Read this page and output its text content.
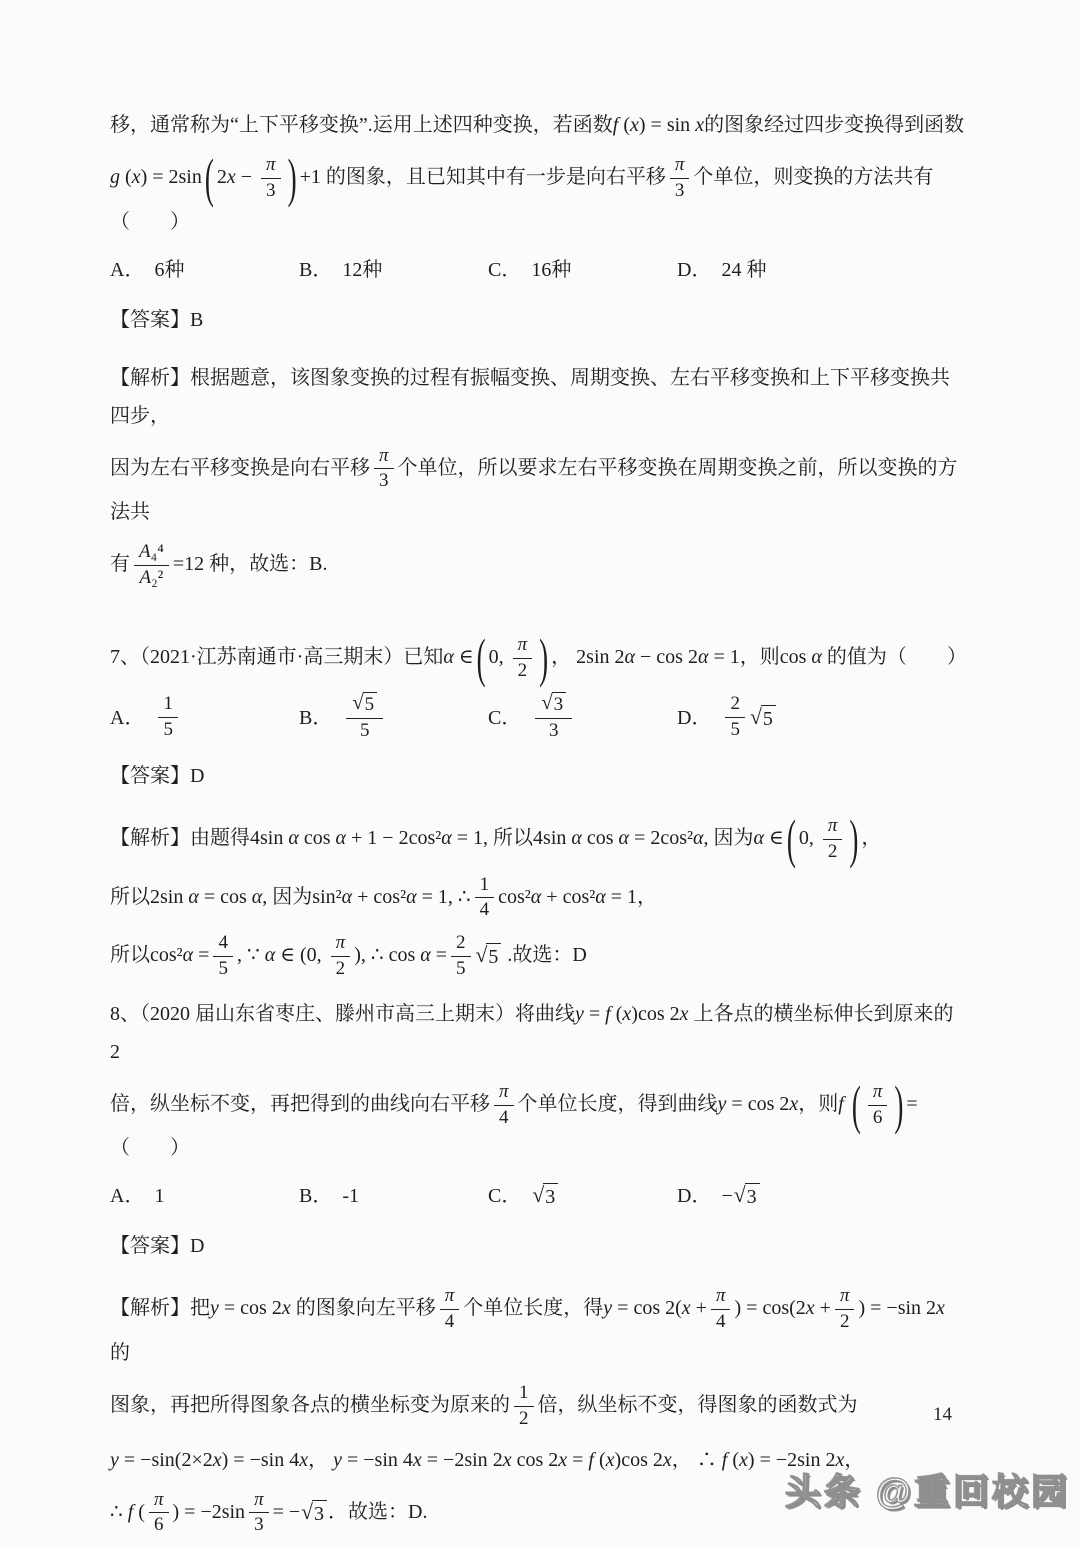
移，通常称为“上下平移变换”.运用上述四种变换，若函数f (x) = sin x的图象经过四步变换得到函数
g (x) = 2sin ( $2x - \frac{\pi}{3}$ ) +1 的图象，且已知其中有一步是向右平移 $\frac{\pi}{3}$ 个单位，则变换的方法共有（　　）
A． 6种	B． 12种	C． 16种	D． 24 种
【答案】B
【解析】根据题意，该图象变换的过程有振幅变换、周期变换、左右平移变换和上下平移变换共四步，
因为左右平移变换是向右平移 $\frac{\pi}{3}$ 个单位，所以要求左右平移变换在周期变换之前，所以变换的方法共
有 $\frac{\text{A₄⁴}}{\text{A₂²}} =12$ 种，故选：B.
7、（2021·江苏南通市·高三期末）已知α ∈ ( 0, $\frac{\pi}{2}$ ) ， 2sin 2α − cos 2α = 1，则cos α 的值为（　　）
A． $\frac{1}{5}$	B． $\frac{√ 5}{5}$	C． $\frac{√ 3}{3}$	D． $\frac{2}{5}$ √ 5
【答案】D
【解析】由题得4sin α cos α + 1 − 2cos²α = 1, 所以4sin α cos α = 2cos²α, 因为α ∈ ( 0, $\frac{\pi}{2}$ ) ，
所以2sin α = cos α, 因为sin²α + cos²α = 1, ∴ $\frac{1}{4} \cos^2\alpha + \cos^2\alpha = 1$，
所以$\cos^2\alpha = \frac{4}{5}$ , ∵ α ∈ (0, $\frac{\pi}{2}$ ), ∴ $\cos \alpha = \frac{2}{5}$ √ 5 .故选：D
8、（2020 届山东省枣庄、滕州市高三上期末）将曲线y = f (x)cos 2x 上各点的横坐标伸长到原来的 2
倍，纵坐标不变，再把得到的曲线向右平移 $\frac{\pi}{4}$ 个单位长度，得到曲线y = cos 2x，则f ( $\frac{\pi}{6}$ ) = （　　）
A． 1	B． -1	C． √ 3	D． − √ 3
【答案】D
【解析】把y = cos 2x 的图象向左平移 $\frac{\pi}{4}$ 个单位长度，得$y = \cos 2(x + \frac{\pi}{4}$ ) = $\cos(2x + \frac{\pi}{2}$ ) = −sin 2x 的
图象，再把所得图象各点的横坐标变为原来的 $\frac{1}{2}$ 倍，纵坐标不变，得图象的函数式为
y = −sin(2×2x) = −sin 4x， y = −sin 4x = −2sin 2x cos 2x = f (x)cos 2x， ∴ f (x) = −2sin 2x，
∴ f ( $\frac{\pi}{6}$ ) = $-2\sin \frac{\pi}{3}$ = − √ 3 ．故选：D.
14
头条 @重回校园
